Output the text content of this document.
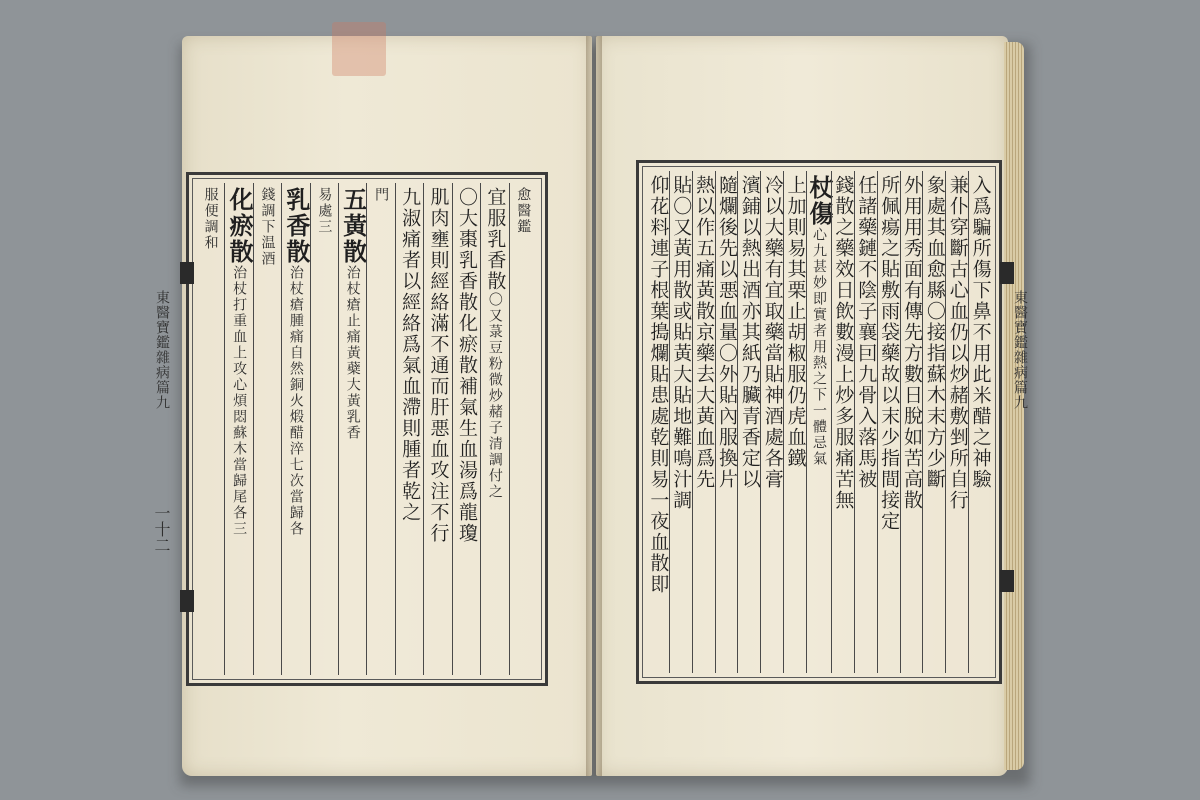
愈
醫鑑
宜服乳香散
〇又菉豆粉微炒赭子清調付之
〇大棗乳香散化瘀散補氣生血湯爲龍瓊
肌肉壅則經絡滿不通而肝悪血攻注不行
九淑痛者以經絡爲氣血滯則腫者乾之
門
五黃散
治杖瘡止痛黃蘗大黃乳香
易處
三
乳香散
治杖瘡腫痛自然銅火煅醋淬七次當歸各
錢調下温酒
化瘀散
治杖打重血上攻心煩悶蘇木當歸尾各三
服便調和
東醫寶鑑雜病篇九
一十二
入爲騙所傷下鼻不用此米醋之神驗
兼仆穿斷古心血仍以炒赭敷剉所自行
象處其血愈縣〇接指蘇木末方少斷
外用用秀面有傳先方數日脫如苦高散
所佩瘍之貼敷雨袋藥故以末少指間接定
任諸藥鏈不陰子襄囙九骨入落馬被
錢散之藥效日飲數漫上炒多服痛苦無
杖傷
心九甚妙即實者用熱之下一體忌氣
上加則易其栗止胡椒服仍虎血鐵
冷以大藥有宜取藥當貼神酒處各膏
濱鋪以熱出酒亦其紙乃臟青香定以
隨爛後先以悪血量〇外貼內服換片
熱以作五痛黃散京藥去大黃血爲先
貼〇又黃用散或貼黃大貼地難鳴汁調
仰花料連子根葉搗爛貼患處乾則易一夜血散即	東醫寶鑑雜病篇九
